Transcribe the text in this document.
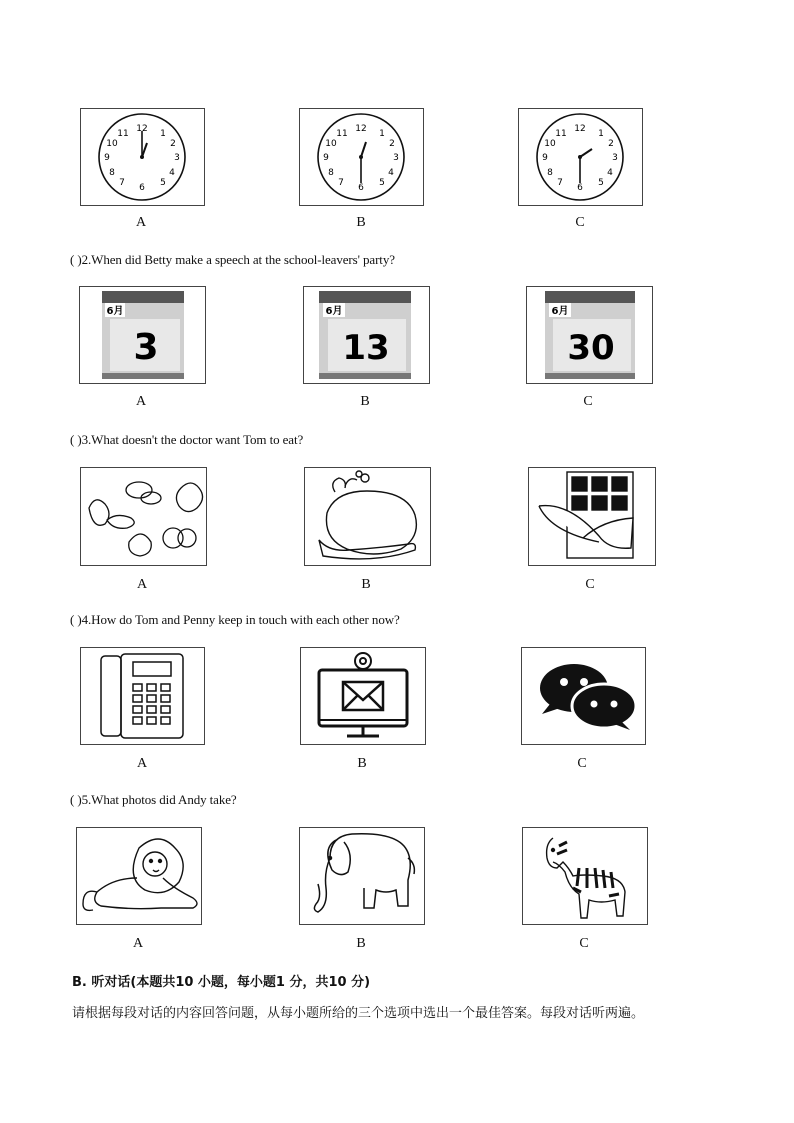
12 1
2
3
4
5
6
7
8
9
10
11
A
12 1
2
3
4
5
6
7
8
9
10
11
B
12 1
2
3
4
5
6
7
8
9
10
11
C
( )2.When did Betty make a speech at the school-leavers' party?
6月
3
A
6月
13
B
6月
30
C
( )3.What doesn't the doctor want Tom to eat?
A	B	C
( )4.How do Tom and Penny keep in touch with each other now?
A	B	C
( )5.What photos did Andy take?
A	B	C
B. 听对话(本题共10 小题，每小题1 分，共10 分)
请根据每段对话的内容回答问题，从每小题所给的三个选项中选出一个最佳答案。每段对话听两遍。
